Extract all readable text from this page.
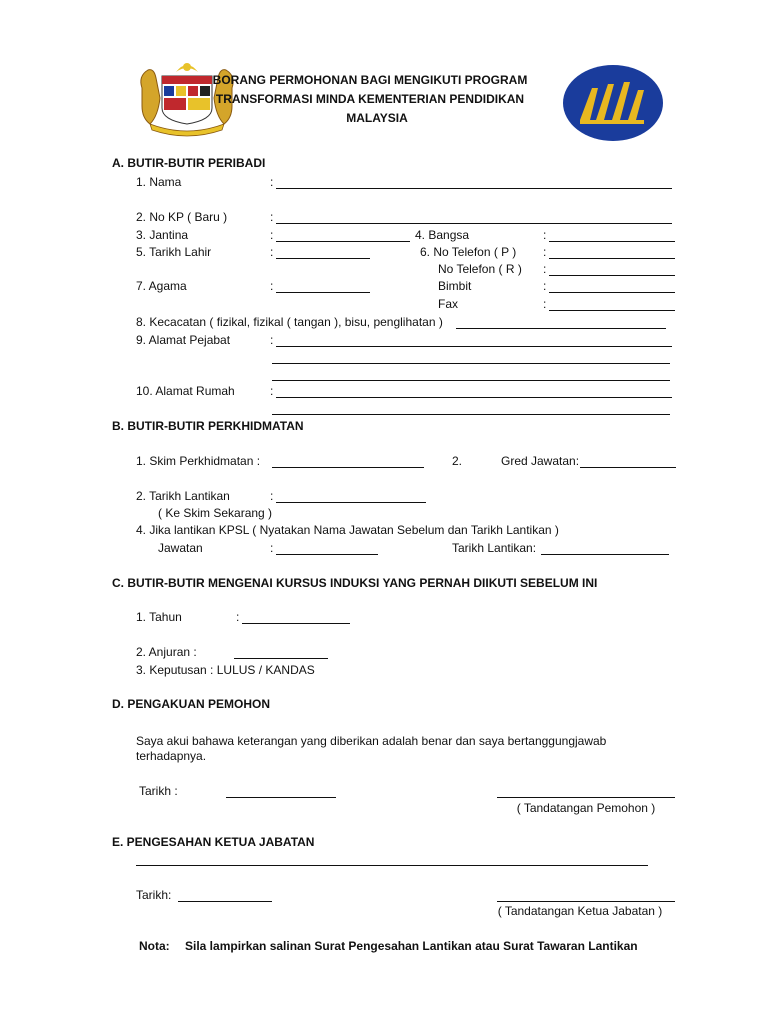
BORANG PERMOHONAN BAGI MENGIKUTI PROGRAM
TRANSFORMASI MINDA KEMENTERIAN PENDIDIKAN
MALAYSIA
A. BUTIR-BUTIR PERIBADI
1. Nama	:
2. No KP ( Baru )	:
3. Jantina	:	4. Bangsa	:
5. Tarikh Lahir	:	6. No Telefon ( P ) :
No Telefon ( R ) :
7. Agama	:	Bimbit	:
Fax	:
8. Kecacatan ( fizikal, fizikal ( tangan ), bisu, penglihatan )
9. Alamat Pejabat	:
10. Alamat Rumah	:
B. BUTIR-BUTIR PERKHIDMATAN
1. Skim Perkhidmatan :	2.	Gred Jawatan:
2. Tarikh Lantikan	:
( Ke Skim Sekarang )
4. Jika lantikan KPSL ( Nyatakan Nama Jawatan Sebelum dan Tarikh Lantikan )
Jawatan	:	Tarikh Lantikan:
C. BUTIR-BUTIR MENGENAI KURSUS INDUKSI YANG PERNAH DIIKUTI SEBELUM INI
1. Tahun	:
2. Anjuran :
3. Keputusan : LULUS / KANDAS
D. PENGAKUAN PEMOHON
Saya akui bahawa keterangan yang diberikan adalah benar dan saya bertanggungjawab
terhadapnya.
Tarikh :
( Tandatangan Pemohon )
E. PENGESAHAN KETUA JABATAN
Tarikh:
( Tandatangan Ketua Jabatan )
Nota: Sila lampirkan salinan Surat Pengesahan Lantikan atau Surat Tawaran Lantikan
